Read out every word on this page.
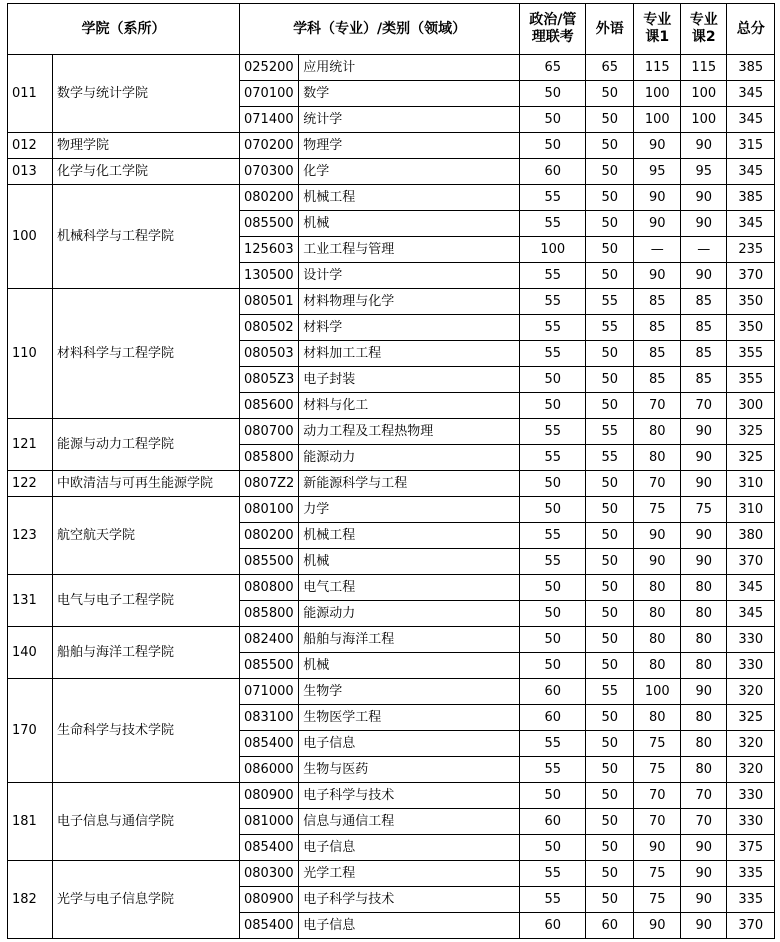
学院（系所）		学科（专业）/类别（领域）		政治/管理联考	外语	专业课1	专业课2	总分
011	数学与统计学院	025200	应用统计	65	65	115	115	385
		070100	数学	50	50	100	100	345
		071400	统计学	50	50	100	100	345
012	物理学院	070200	物理学	50	50	90	90	315
013	化学与化工学院	070300	化学	60	50	95	95	345
100	机械科学与工程学院	080200	机械工程	55	50	90	90	385
		085500	机械	55	50	90	90	345
		125603	工业工程与管理	100	50	—	—	235
		130500	设计学	55	50	90	90	370
110	材料科学与工程学院	080501	材料物理与化学	55	55	85	85	350
		080502	材料学	55	55	85	85	350
		080503	材料加工工程	55	50	85	85	355
		0805Z3	电子封装	50	50	85	85	355
		085600	材料与化工	50	50	70	70	300
121	能源与动力工程学院	080700	动力工程及工程热物理	55	55	80	90	325
		085800	能源动力	55	55	80	90	325
122	中欧清洁与可再生能源学院	0807Z2	新能源科学与工程	50	50	70	90	310
123	航空航天学院	080100	力学	50	50	75	75	310
		080200	机械工程	55	50	90	90	380
		085500	机械	55	50	90	90	370
131	电气与电子工程学院	080800	电气工程	50	50	80	80	345
		085800	能源动力	50	50	80	80	345
140	船舶与海洋工程学院	082400	船舶与海洋工程	50	50	80	80	330
		085500	机械	50	50	80	80	330
170	生命科学与技术学院	071000	生物学	60	55	100	90	320
		083100	生物医学工程	60	50	80	80	325
		085400	电子信息	55	50	75	80	320
		086000	生物与医药	55	50	75	80	320
181	电子信息与通信学院	080900	电子科学与技术	50	50	70	70	330
		081000	信息与通信工程	60	50	70	70	330
		085400	电子信息	50	50	90	90	375
182	光学与电子信息学院	080300	光学工程	55	50	75	90	335
		080900	电子科学与技术	55	50	75	90	335
		085400	电子信息	60	60	90	90	370
